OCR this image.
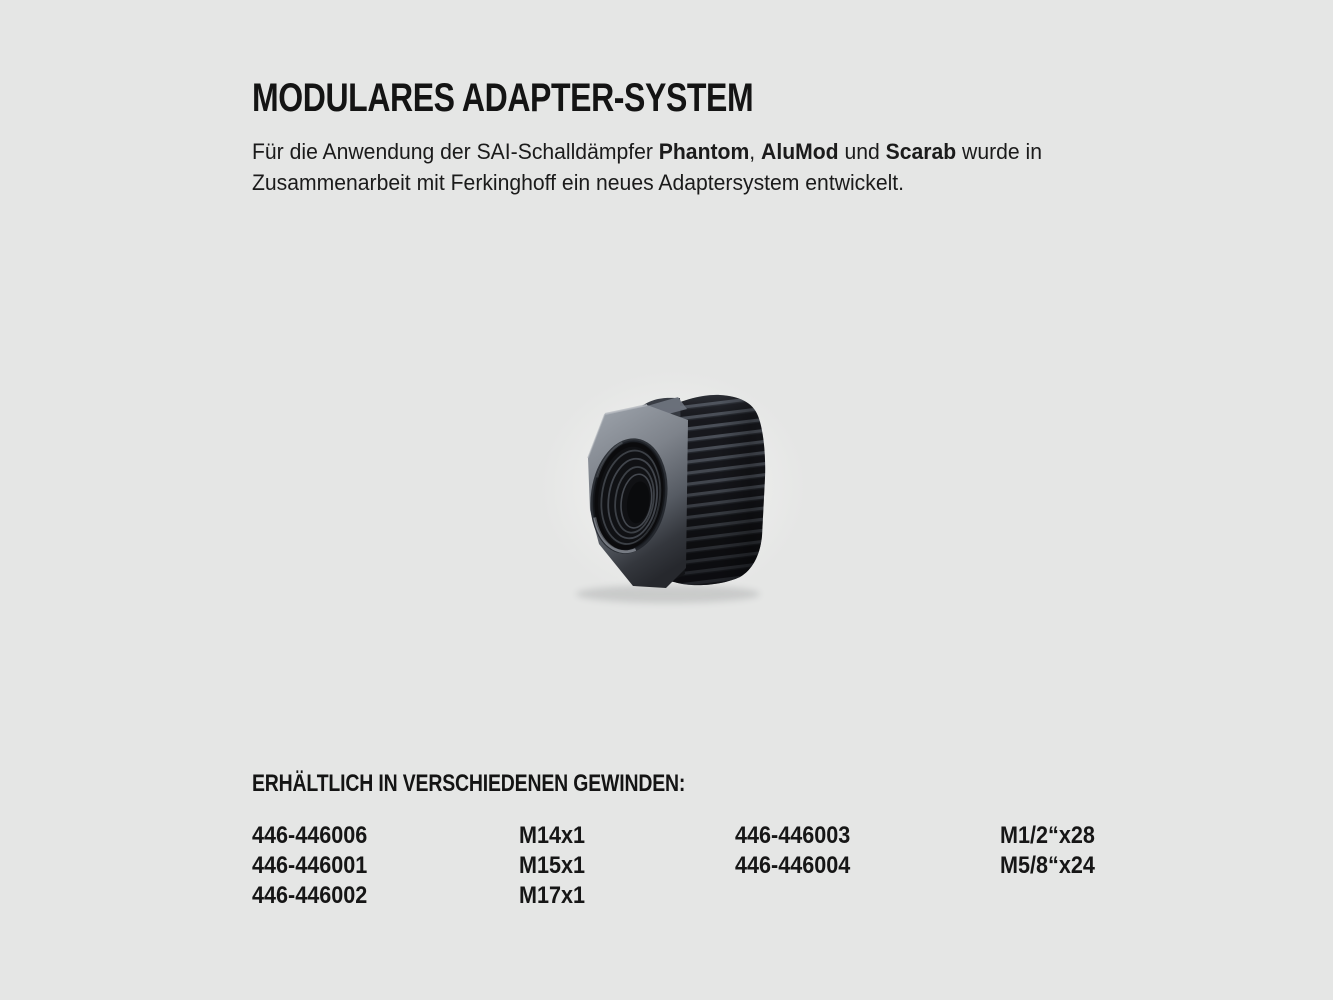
MODULARES ADAPTER-SYSTEM
Für die Anwendung der SAI-Schalldämpfer Phantom, AluMod und Scarab wurde in
Zusammenarbeit mit Ferkinghoff ein neues Adaptersystem entwickelt.
ERHÄLTLICH IN VERSCHIEDENEN GEWINDEN:
446-446006
446-446001
446-446002
M14x1
M15x1
M17x1
446-446003
446-446004
M1/2“x28
M5/8“x24
